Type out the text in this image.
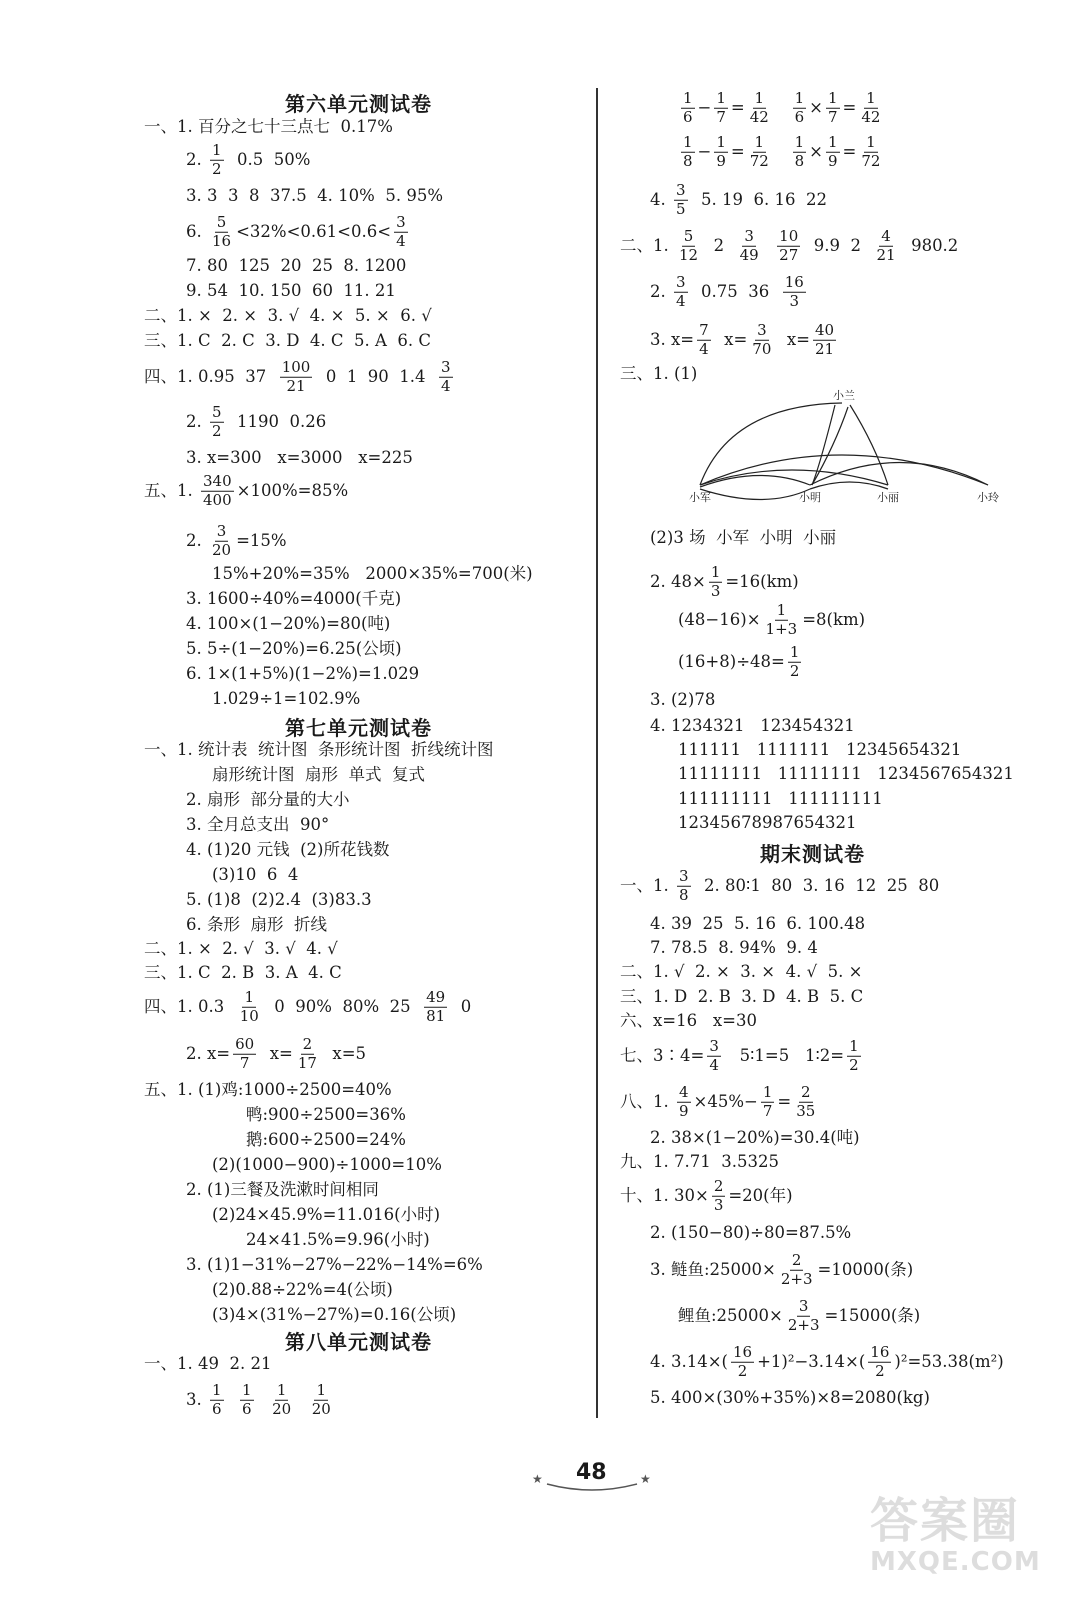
第六单元测试卷
一、1. 百分之七十三点七  0.17%
2. $\frac{1}{2} 0.5$  50%
3. 3  3  8  37.5  4. 10%  5. 95%
6. $\frac{5}{16}$ <32%<0.61<0.6̇< $\frac{3}{4}$
7. 80  125  20  25  8. 1200
9. 54  10. 150  60  11. 21
二、1. ×  2. ×  3. √  4. ×  5. ×  6. √
三、1. C  2. C  3. D  4. C  5. A  6. C
四、1. 0.95  $37 \frac{100}{21} 0$  1  90  $1.4 \frac{3}{4}$
2. $\frac{5}{2} 1190$  0.26
3. x=300   x=3000   x=225
五、1. $\frac{340}{400} \times 100\%=85\%$
2. $\frac{3}{20} =15\%$
15%+20%=35%   2000×35%=700(米)
3. 1600÷40%=4000(千克)
4. 100×(1−20%)=80(吨)
5. 5÷(1−20%)=6.25(公顷)
6. 1×(1+5%)(1−2%)=1.029
1.029÷1=102.9%
第七单元测试卷
一、1. 统计表  统计图  条形统计图  折线统计图
扇形统计图  扇形  单式  复式
2. 扇形  部分量的大小
3. 全月总支出  90°
4. (1)20 元钱  (2)所花钱数
(3)10  6  4
5. (1)8  (2)2.4  (3)83.3
6. 条形  扇形  折线
二、1. ×  2. √  3. √  4. √
三、1. C  2. B  3. A  4. C
四、1. $0.3 \frac{1}{10} 0$  90%  80%  $25 \frac{49}{81} 0$
2. $x= \frac{60}{7} x= \frac{2}{17} x=5$
五、1. (1)鸡:1000÷2500=40%
鸭:900÷2500=36%
鹅:600÷2500=24%
(2)(1000−900)÷1000=10%
2. (1)三餐及洗漱时间相同
(2)24×45.9%=11.016(小时)
24×41.5%=9.96(小时)
3. (1)1−31%−27%−22%−14%=6%
(2)0.88÷22%=4(公顷)
(3)4×(31%−27%)=0.16(公顷)
第八单元测试卷
一、1. 49  2. 21
3. $\frac{1}{6}$
$\frac{1}{6}$
$\frac{1}{20}$
$\frac{1}{20}$
$\frac{1}{6} - \frac{1}{7} = \frac{1}{42}$
$\frac{1}{6} \times \frac{1}{7} = \frac{1}{42}$
$\frac{1}{8} - \frac{1}{9} = \frac{1}{72}$
$\frac{1}{8} \times \frac{1}{9} = \frac{1}{72}$
4. $\frac{3}{5} 5$. 19  6. 16  22
二、1. $\frac{5}{12} 2 \frac{3}{49}$
$\frac{10}{27} 9.9$  $2 \frac{4}{21} 980.2$
2. $\frac{3}{4} 0.75$  $36 \frac{16}{3}$
3. $x= \frac{7}{4} x= \frac{3}{70} x= \frac{40}{21}$
三、1. (1)
(2)3 场  小军  小明  小丽
2. $48\times \frac{1}{3} =16(km)$
$(48-16)\times \frac{1}{1+3} =8(km)$
$(16+8)\div 48= \frac{1}{2}$
3. (2)78
4. 1234321   123454321
111111   1111111   12345654321
11111111   11111111   1234567654321
111111111   111111111
12345678987654321
小兰
小军	小明	小丽	小玲
期末测试卷
一、1. $\frac{3}{8} 2$. 80∶1  80  3. 16  12  25  80
4. 39  25  5. 16  6. 100.48
7. 78.5  8. 94%  9. 4
二、1. √  2. ×  3. ×  4. √  5. ×
三、1. D  2. B  3. D  4. B  5. C
六、x=16   x=30
七、3∶4= $\frac{3}{4}$ 5∶1=5   1∶2= $\frac{1}{2}$
八、1. $\frac{4}{9} \times 45\%- \frac{1}{7} = \frac{2}{35}$
2. 38×(1−20%)=30.4(吨)
九、1. 7.71  3.5325
十、1. $30\times \frac{2}{3} =20$(年)
2. (150−80)÷80=87.5%
3. 鲢鱼:25000× $\frac{2}{2+3} =10000$(条)
鲤鱼:25000× $\frac{3}{2+3} =15000$(条)
4. $3.14\times( \frac{16}{2} +1)^2-3.14\times( \frac{16}{2} )^2=53.38(m^2)$
5. 400×(30%+35%)×8=2080(kg)
★	★
48
答案圈
MXQE.COM
